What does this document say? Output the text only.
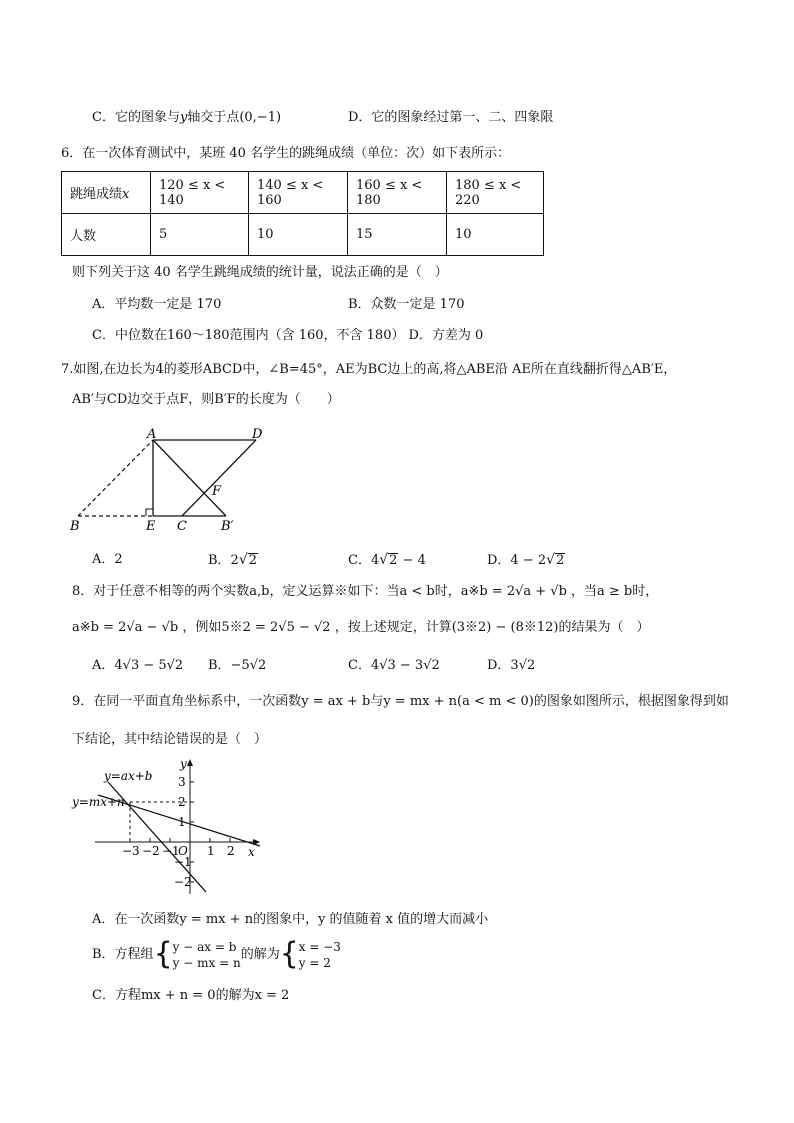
C．它的图象与y轴交于点(0,−1)	D．它的图象经过第一、二、四象限
6．在一次体育测试中，某班 40 名学生的跳绳成绩（单位：次）如下表所示：
跳绳成绩x	120 ≤ x < 140	140 ≤ x < 160	160 ≤ x < 180	180 ≤ x < 220
人数	5	10	15	10
则下列关于这 40 名学生跳绳成绩的统计量，说法正确的是（　）
A．平均数一定是 170	B．众数一定是 170
C．中位数在160～180范围内（含 160，不含 180） D．方差为 0
7.如图,在边长为4的菱形ABCD中，∠B=45°，AE为BC边上的高,将△ABE沿 AE所在直线翻折得△AB′E，
AB′与CD边交于点F，则B′F的长度为（　　）
A	D
B	E C	B′
F
A．2	B．2√2	C．4√2 − 4	D．4 − 2√2
8．对于任意不相等的两个实数a,b，定义运算※如下：当a < b时，a※b = 2√a + √b ，当a ≥ b时，
a※b = 2√a − √b ，例如5※2 = 2√5 − √2 ，按上述规定，计算(3※2) − (8※12)的结果为（　）
A．4√3 − 5√2 B．−5√2	C．4√3 − 3√2	D．3√2
9．在同一平面直角坐标系中，一次函数y = ax + b与y = mx + n(a < m < 0)的图象如图所示，根据图象得到如
下结论，其中结论错误的是（　）
y=ax+b
y=mx+n
x
y
O
−3 −2 −1 1 2
3
2
1
−1
−2
A．在一次函数y = mx + n的图象中，y 的值随着 x 值的增大而减小
B．方程组{y − ax = b
y − mx = n的解为{x = −3
y = 2
C．方程mx + n = 0的解为x = 2
